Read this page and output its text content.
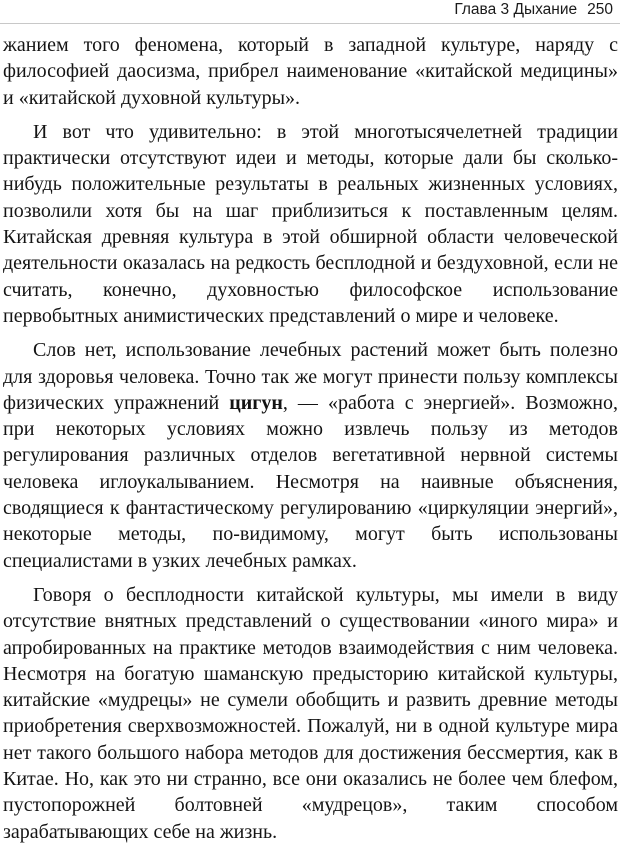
Глава 3 Дыхание 250

жанием того феномена, который в западной культуре, наряду с философией даосизма, прибрел наименование «китайской медицины» и «китайской духовной культуры».

И вот что удивительно: в этой многотысячелетней традиции практически отсутствуют идеи и методы, которые дали бы сколько-нибудь положительные результаты в реальных жизненных условиях, позволили хотя бы на шаг приблизиться к поставленным целям. Китайская древняя культура в этой обширной области человеческой деятельности оказалась на редкость бесплодной и бездуховной, если не считать, конечно, духовностью философское использование первобытных анимистических представлений о мире и человеке.

Слов нет, использование лечебных растений может быть полезно для здоровья человека. Точно так же могут принести пользу комплексы физических упражнений цигун, — «работа с энергией». Возможно, при некоторых условиях можно извлечь пользу из методов регулирования различных отделов вегетативной нервной системы человека иглоукалыванием. Несмотря на наивные объяснения, сводящиеся к фантастическому регулированию «циркуляции энергий», некоторые методы, по-видимому, могут быть использованы специалистами в узких лечебных рамках.

Говоря о бесплодности китайской культуры, мы имели в виду отсутствие внятных представлений о существовании «иного мира» и апробированных на практике методов взаимодействия с ним человека. Несмотря на богатую шаманскую предысторию китайской культуры, китайские «мудрецы» не сумели обобщить и развить древние методы приобретения сверхвозможностей. Пожалуй, ни в одной культуре мира нет такого большого набора методов для достижения бессмертия, как в Китае. Но, как это ни странно, все они оказались не более чем блефом, пустопорожней болтовней «мудрецов», таким способом зарабатывающих себе на жизнь.
